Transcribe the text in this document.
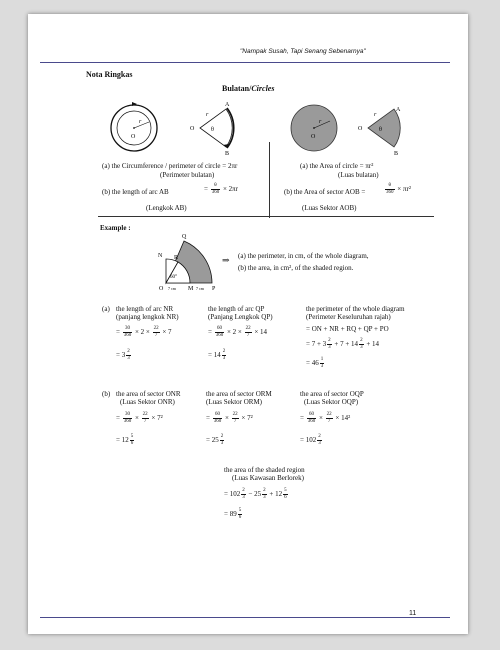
"Nampak Susah, Tapi Senang Sebenarnya"
Nota Ringkas
Bulatan/Circles
r
O
O
r
θ
A
B
r
O
O
r
θ
A
B
(a) the Circumference / perimeter of circle = 2πr
(Perimeter bulatan)
(b) the length of arc AB	= $\frac{\theta}{360} \times 2\pi r$
(Lengkok AB)
(a) the Area of circle = πr²
(Luas bulatan)
(b) the Area of sector AOB =	$\frac{\theta}{360} \times \pi r^2$
(Luas Sektor AOB)
Example :
Q
N R
60°
O 7 cm M 7 cm P
⇒ (a) the perimeter, in cm, of the whole diagram,
(b) the area, in cm², of the shaded region.
(a) the length of arc NR
(panjang lengkok NR)
= $\frac{30}{360} \times 2 \times \frac{22}{7} \times 7$
= $3 \frac{2}{3}$
the length of arc QP
(Panjang Lengkok QP)
= $\frac{60}{360} \times 2 \times \frac{22}{7} \times 14$
= $14 \frac{2}{3}$
the perimeter of the whole diagram
(Perimeter Keseluruhan rajah)
= ON + NR + RQ + QP + PO
= $7 + 3 \frac{2}{3} + 7 + 14 \frac{2}{3} + 14$
= $46 \frac{1}{3}$
(b) the area of sector ONR
(Luas Sektor ONR)
= $\frac{30}{360} \times \frac{22}{7} \times 7^2$
= $12 \frac{5}{6}$
the area of sector ORM
(Luas Sektor ORM)
= $\frac{60}{360} \times \frac{22}{7} \times 7^2$
= $25 \frac{2}{3}$
the area of sector OQP
(Luas Sektor OQP)
= $\frac{60}{360} \times \frac{22}{7} \times 14^2$
= $102 \frac{2}{3}$
the area of the shaded region
(Luas Kawasan Berlorek)
= $102 \frac{2}{3} - 25 \frac{2}{3} + 12 \frac{5}{6}$
= $89 \frac{5}{6}$
11
